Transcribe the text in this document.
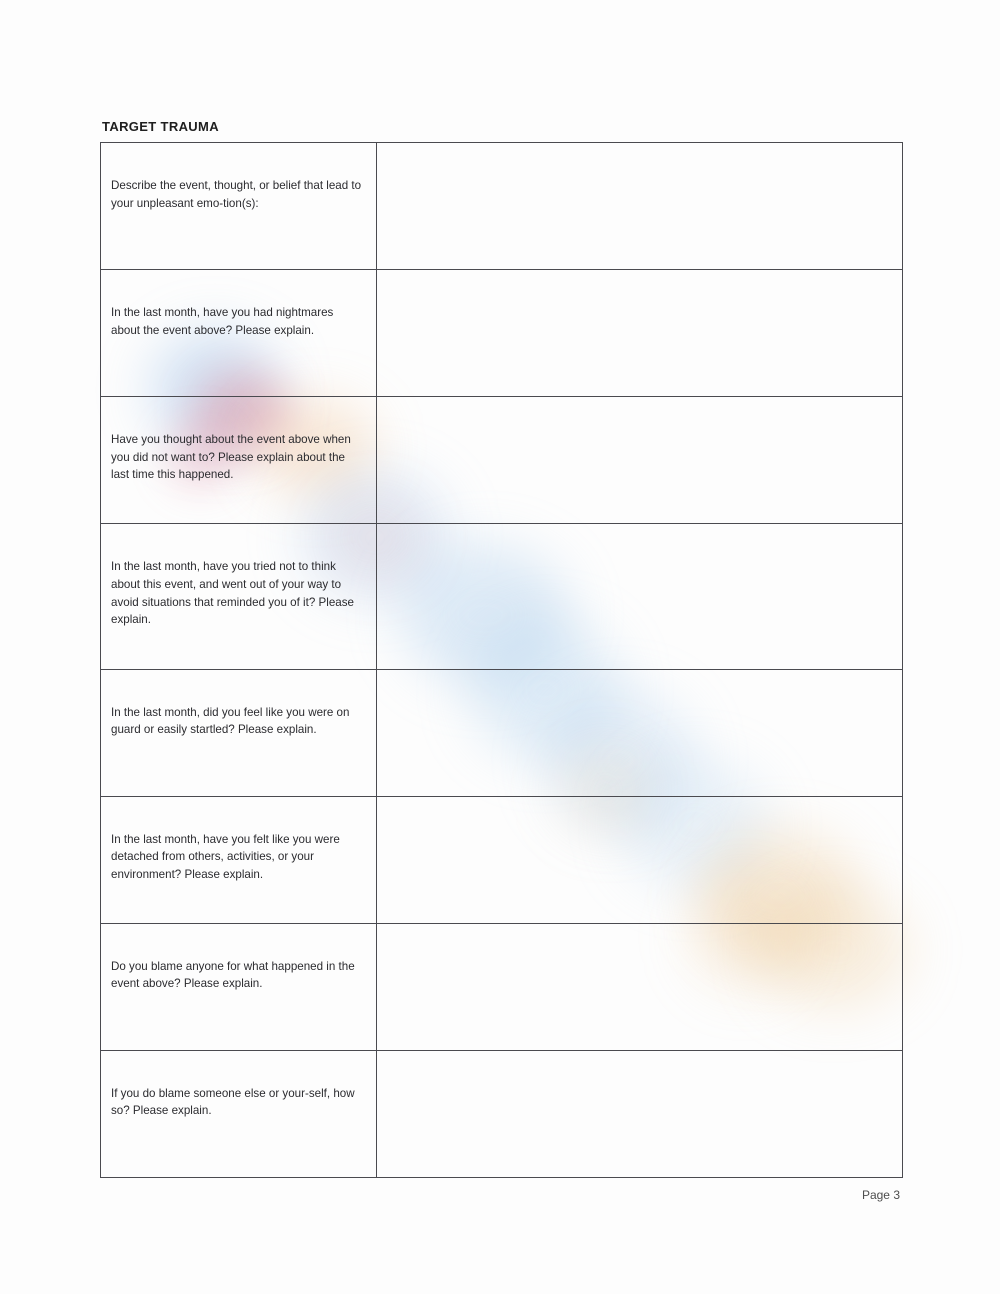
TARGET TRAUMA
Describe the event, thought, or belief that lead to your unpleasant emo-tion(s):	

In the last month, have you had nightmares about the event above? Please explain.	

Have you thought about the event above when you did not want to? Please explain about the last time this happened.	

In the last month, have you tried not to think about this event, and went out of your way to avoid situations that reminded you of it? Please explain.	

In the last month, did you feel like you were on guard or easily startled? Please explain.	

In the last month, have you felt like you were detached from others, activities, or your environment? Please explain.	

Do you blame anyone for what happened in the event above? Please explain.	

If you do blame someone else or your-self, how so? Please explain.	

Page 3
